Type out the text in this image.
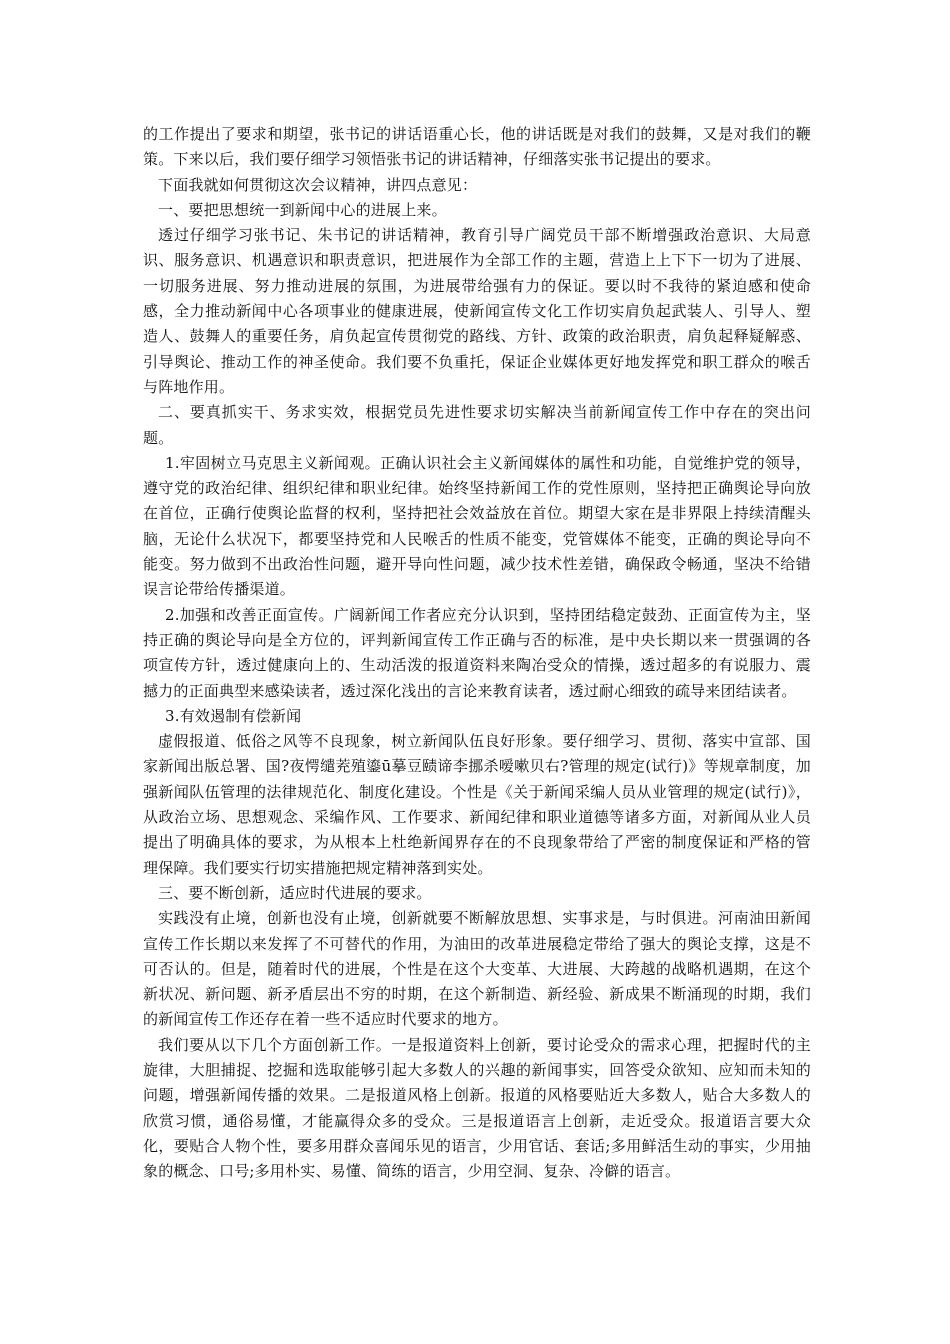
的工作提出了要求和期望，张书记的讲话语重心长，他的讲话既是对我们的鼓舞，又是对我们的鞭策。下来以后，我们要仔细学习领悟张书记的讲话精神，仔细落实张书记提出的要求。

下面我就如何贯彻这次会议精神，讲四点意见：

一、要把思想统一到新闻中心的进展上来。

透过仔细学习张书记、朱书记的讲话精神，教育引导广阔党员干部不断增强政治意识、大局意识、服务意识、机遇意识和职责意识，把进展作为全部工作的主题，营造上上下下一切为了进展、一切服务进展、努力推动进展的氛围，为进展带给强有力的保证。要以时不我待的紧迫感和使命感，全力推动新闻中心各项事业的健康进展，使新闻宣传文化工作切实肩负起武装人、引导人、塑造人、鼓舞人的重要任务，肩负起宣传贯彻党的路线、方针、政策的政治职责，肩负起释疑解惑、引导舆论、推动工作的神圣使命。我们要不负重托，保证企业媒体更好地发挥党和职工群众的喉舌与阵地作用。

二、要真抓实干、务求实效，根据党员先进性要求切实解决当前新闻宣传工作中存在的突出问题。

1.牢固树立马克思主义新闻观。正确认识社会主义新闻媒体的属性和功能，自觉维护党的领导，遵守党的政治纪律、组织纪律和职业纪律。始终坚持新闻工作的党性原则，坚持把正确舆论导向放在首位，正确行使舆论监督的权利，坚持把社会效益放在首位。期望大家在是非界限上持续清醒头脑，无论什么状况下，都要坚持党和人民喉舌的性质不能变，党管媒体不能变，正确的舆论导向不能变。努力做到不出政治性问题，避开导向性问题，减少技术性差错，确保政令畅通，坚决不给错误言论带给传播渠道。

2.加强和改善正面宣传。广阔新闻工作者应充分认识到，坚持团结稳定鼓劲、正面宣传为主，坚持正确的舆论导向是全方位的，评判新闻宣传工作正确与否的标准，是中央长期以来一贯强调的各项宣传方针，透过健康向上的、生动活泼的报道资料来陶冶受众的情操，透过超多的有说服力、震撼力的正面典型来感染读者，透过深化浅出的言论来教育读者，透过耐心细致的疏导来团结读者。

3.有效遏制有偿新闻

虚假报道、低俗之风等不良现象，树立新闻队伍良好形象。要仔细学习、贯彻、落实中宣部、国家新闻出版总署、国?夜愕缱茺殖鎏ū摹豆赜谛李挪杀嗳嗽贝右?管理的规定(试行)》等规章制度，加强新闻队伍管理的法律规范化、制度化建设。个性是《关于新闻采编人员从业管理的规定(试行)》，从政治立场、思想观念、采编作风、工作要求、新闻纪律和职业道德等诸多方面，对新闻从业人员提出了明确具体的要求，为从根本上杜绝新闻界存在的不良现象带给了严密的制度保证和严格的管理保障。我们要实行切实措施把规定精神落到实处。

三、要不断创新，适应时代进展的要求。

实践没有止境，创新也没有止境，创新就要不断解放思想、实事求是，与时俱进。河南油田新闻宣传工作长期以来发挥了不可替代的作用，为油田的改革进展稳定带给了强大的舆论支撑，这是不可否认的。但是，随着时代的进展，个性是在这个大变革、大进展、大跨越的战略机遇期，在这个新状况、新问题、新矛盾层出不穷的时期，在这个新制造、新经验、新成果不断涌现的时期，我们的新闻宣传工作还存在着一些不适应时代要求的地方。

我们要从以下几个方面创新工作。一是报道资料上创新，要讨论受众的需求心理，把握时代的主旋律，大胆捕捉、挖掘和选取能够引起大多数人的兴趣的新闻事实，回答受众欲知、应知而未知的问题，增强新闻传播的效果。二是报道风格上创新。报道的风格要贴近大多数人，贴合大多数人的欣赏习惯，通俗易懂，才能赢得众多的受众。三是报道语言上创新，走近受众。报道语言要大众化，要贴合人物个性，要多用群众喜闻乐见的语言，少用官话、套话;多用鲜活生动的事实，少用抽象的概念、口号;多用朴实、易懂、简练的语言，少用空洞、复杂、冷僻的语言。
